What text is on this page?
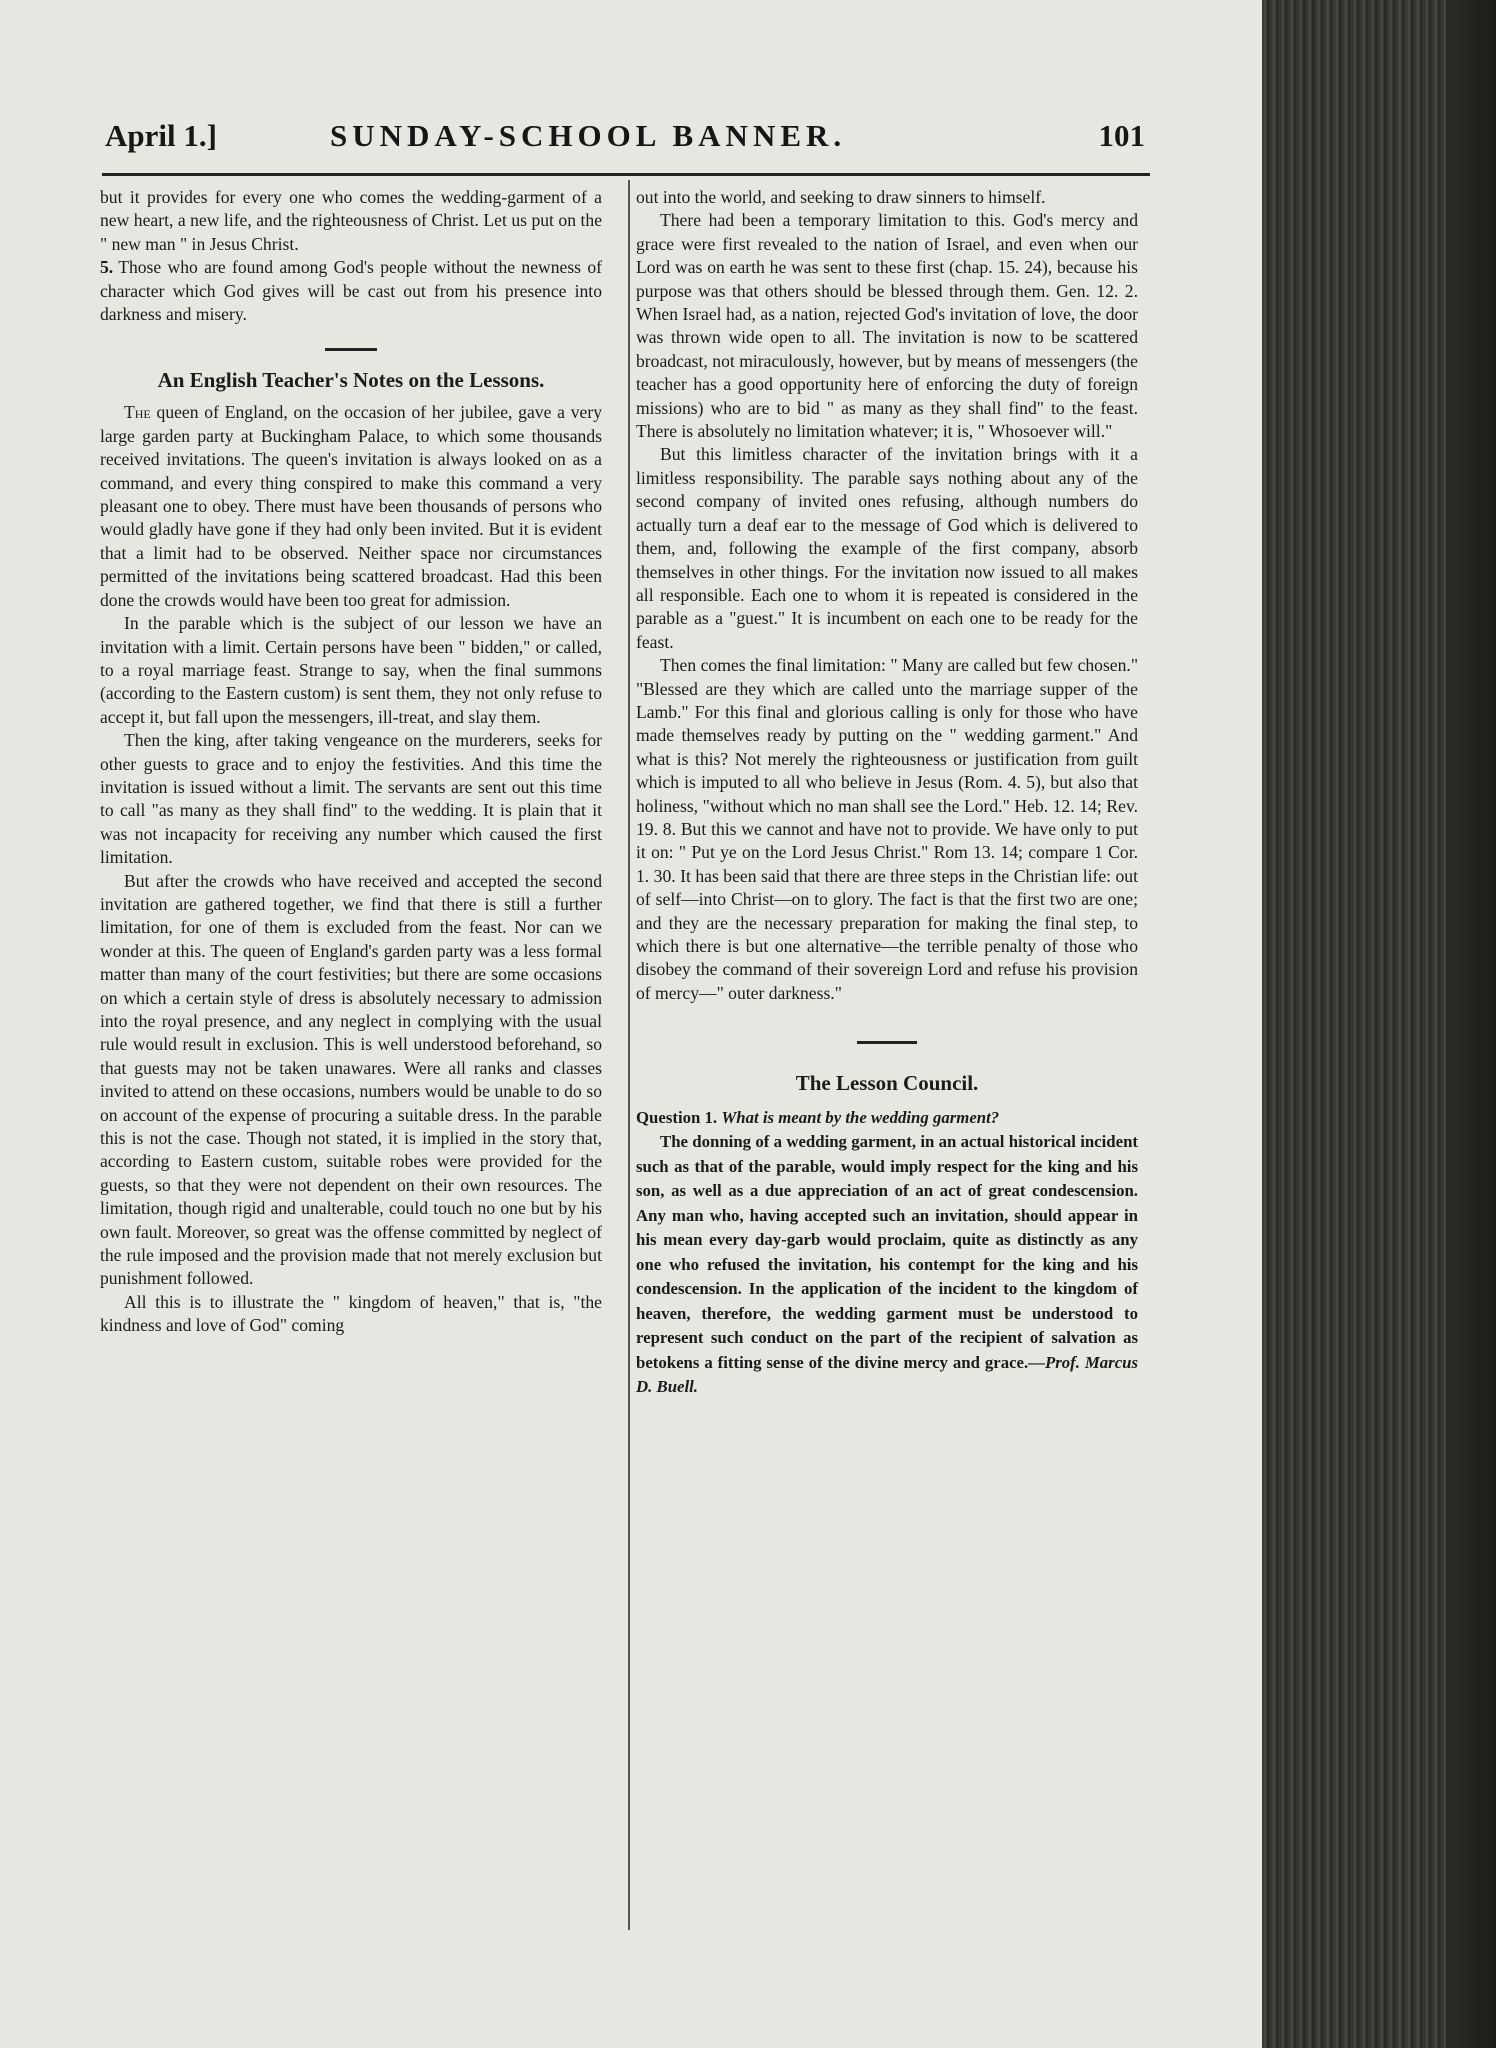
April 1.]	SUNDAY-SCHOOL BANNER.	101

but it provides for every one who comes the wedding-garment of a new heart, a new life, and the righteousness of Christ. Let us put on the " new man " in Jesus Christ.

5. Those who are found among God's people without the newness of character which God gives will be cast out from his presence into darkness and misery.

An English Teacher's Notes on the Lessons.

The queen of England, on the occasion of her jubilee, gave a very large garden party at Buckingham Palace, to which some thousands received invitations. The queen's invitation is always looked on as a command, and every thing conspired to make this command a very pleasant one to obey. There must have been thousands of persons who would gladly have gone if they had only been invited. But it is evident that a limit had to be observed. Neither space nor circumstances permitted of the invitations being scattered broadcast. Had this been done the crowds would have been too great for admission.

In the parable which is the subject of our lesson we have an invitation with a limit. Certain persons have been " bidden," or called, to a royal marriage feast. Strange to say, when the final summons (according to the Eastern custom) is sent them, they not only refuse to accept it, but fall upon the messengers, ill-treat, and slay them.

Then the king, after taking vengeance on the murderers, seeks for other guests to grace and to enjoy the festivities. And this time the invitation is issued without a limit. The servants are sent out this time to call "as many as they shall find" to the wedding. It is plain that it was not incapacity for receiving any number which caused the first limitation.

But after the crowds who have received and accepted the second invitation are gathered together, we find that there is still a further limitation, for one of them is excluded from the feast. Nor can we wonder at this. The queen of England's garden party was a less formal matter than many of the court festivities; but there are some occasions on which a certain style of dress is absolutely necessary to admission into the royal presence, and any neglect in complying with the usual rule would result in exclusion. This is well understood beforehand, so that guests may not be taken unawares. Were all ranks and classes invited to attend on these occasions, numbers would be unable to do so on account of the expense of procuring a suitable dress. In the parable this is not the case. Though not stated, it is implied in the story that, according to Eastern custom, suitable robes were provided for the guests, so that they were not dependent on their own resources. The limitation, though rigid and unalterable, could touch no one but by his own fault. Moreover, so great was the offense committed by neglect of the rule imposed and the provision made that not merely exclusion but punishment followed.

All this is to illustrate the " kingdom of heaven," that is, "the kindness and love of God" coming

out into the world, and seeking to draw sinners to himself.

There had been a temporary limitation to this. God's mercy and grace were first revealed to the nation of Israel, and even when our Lord was on earth he was sent to these first (chap. 15. 24), because his purpose was that others should be blessed through them. Gen. 12. 2. When Israel had, as a nation, rejected God's invitation of love, the door was thrown wide open to all. The invitation is now to be scattered broadcast, not miraculously, however, but by means of messengers (the teacher has a good opportunity here of enforcing the duty of foreign missions) who are to bid " as many as they shall find" to the feast. There is absolutely no limitation whatever; it is, " Whosoever will."

But this limitless character of the invitation brings with it a limitless responsibility. The parable says nothing about any of the second company of invited ones refusing, although numbers do actually turn a deaf ear to the message of God which is delivered to them, and, following the example of the first company, absorb themselves in other things. For the invitation now issued to all makes all responsible. Each one to whom it is repeated is considered in the parable as a "guest." It is incumbent on each one to be ready for the feast.

Then comes the final limitation: " Many are called but few chosen." "Blessed are they which are called unto the marriage supper of the Lamb." For this final and glorious calling is only for those who have made themselves ready by putting on the " wedding garment." And what is this? Not merely the righteousness or justification from guilt which is imputed to all who believe in Jesus (Rom. 4. 5), but also that holiness, "without which no man shall see the Lord." Heb. 12. 14; Rev. 19. 8. But this we cannot and have not to provide. We have only to put it on: " Put ye on the Lord Jesus Christ." Rom 13. 14; compare 1 Cor. 1. 30. It has been said that there are three steps in the Christian life: out of self—into Christ—on to glory. The fact is that the first two are one; and they are the necessary preparation for making the final step, to which there is but one alternative—the terrible penalty of those who disobey the command of their sovereign Lord and refuse his provision of mercy—" outer darkness."

The Lesson Council.

Question 1. What is meant by the wedding garment?

The donning of a wedding garment, in an actual historical incident such as that of the parable, would imply respect for the king and his son, as well as a due appreciation of an act of great condescension. Any man who, having accepted such an invitation, should appear in his mean every day-garb would proclaim, quite as distinctly as any one who refused the invitation, his contempt for the king and his condescension. In the application of the incident to the kingdom of heaven, therefore, the wedding garment must be understood to represent such conduct on the part of the recipient of salvation as betokens a fitting sense of the divine mercy and grace.—Prof. Marcus D. Buell.
